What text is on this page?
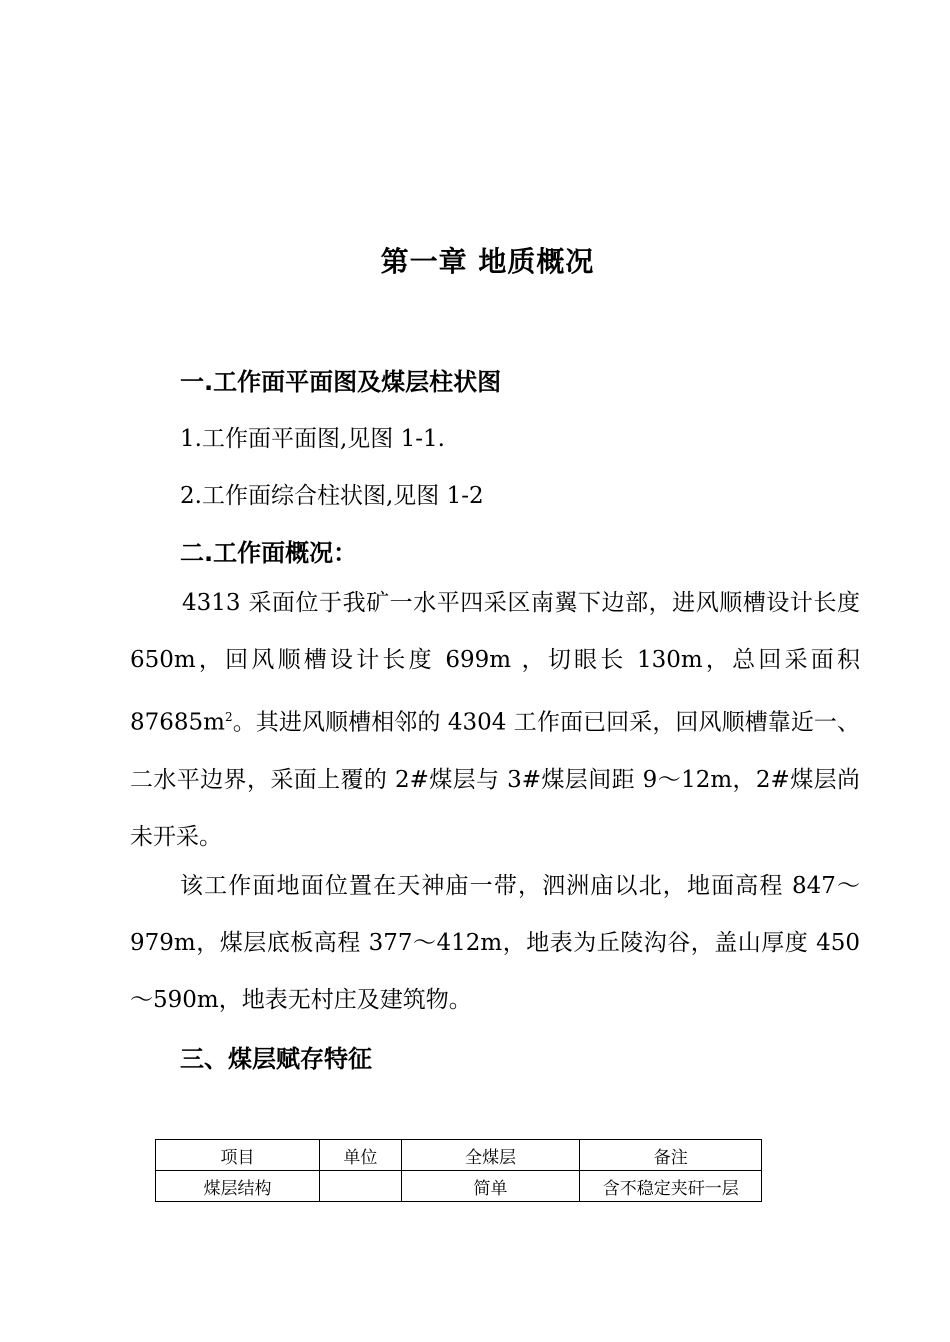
第一章 地质概况
一.工作面平面图及煤层柱状图
1.工作面平面图,见图 1-1.
2.工作面综合柱状图,见图 1-2
二.工作面概况：
4313 采面位于我矿一水平四采区南翼下边部，进风顺槽设计长度 650m，回风顺槽设计长度 699m ，切眼长 130m，总回采面积 $87685m^2$。其进风顺槽相邻的 4304 工作面已回采，回风顺槽靠近一、二水平边界，采面上覆的 2#煤层与 3#煤层间距 9～12m，2#煤层尚未开采。
该工作面地面位置在天神庙一带，泗洲庙以北，地面高程 847～979m，煤层底板高程 377～412m，地表为丘陵沟谷，盖山厚度 450～590m，地表无村庄及建筑物。
三、煤层赋存特征
项目	单位	全煤层	备注
煤层结构		简单	含不稳定夹矸一层
